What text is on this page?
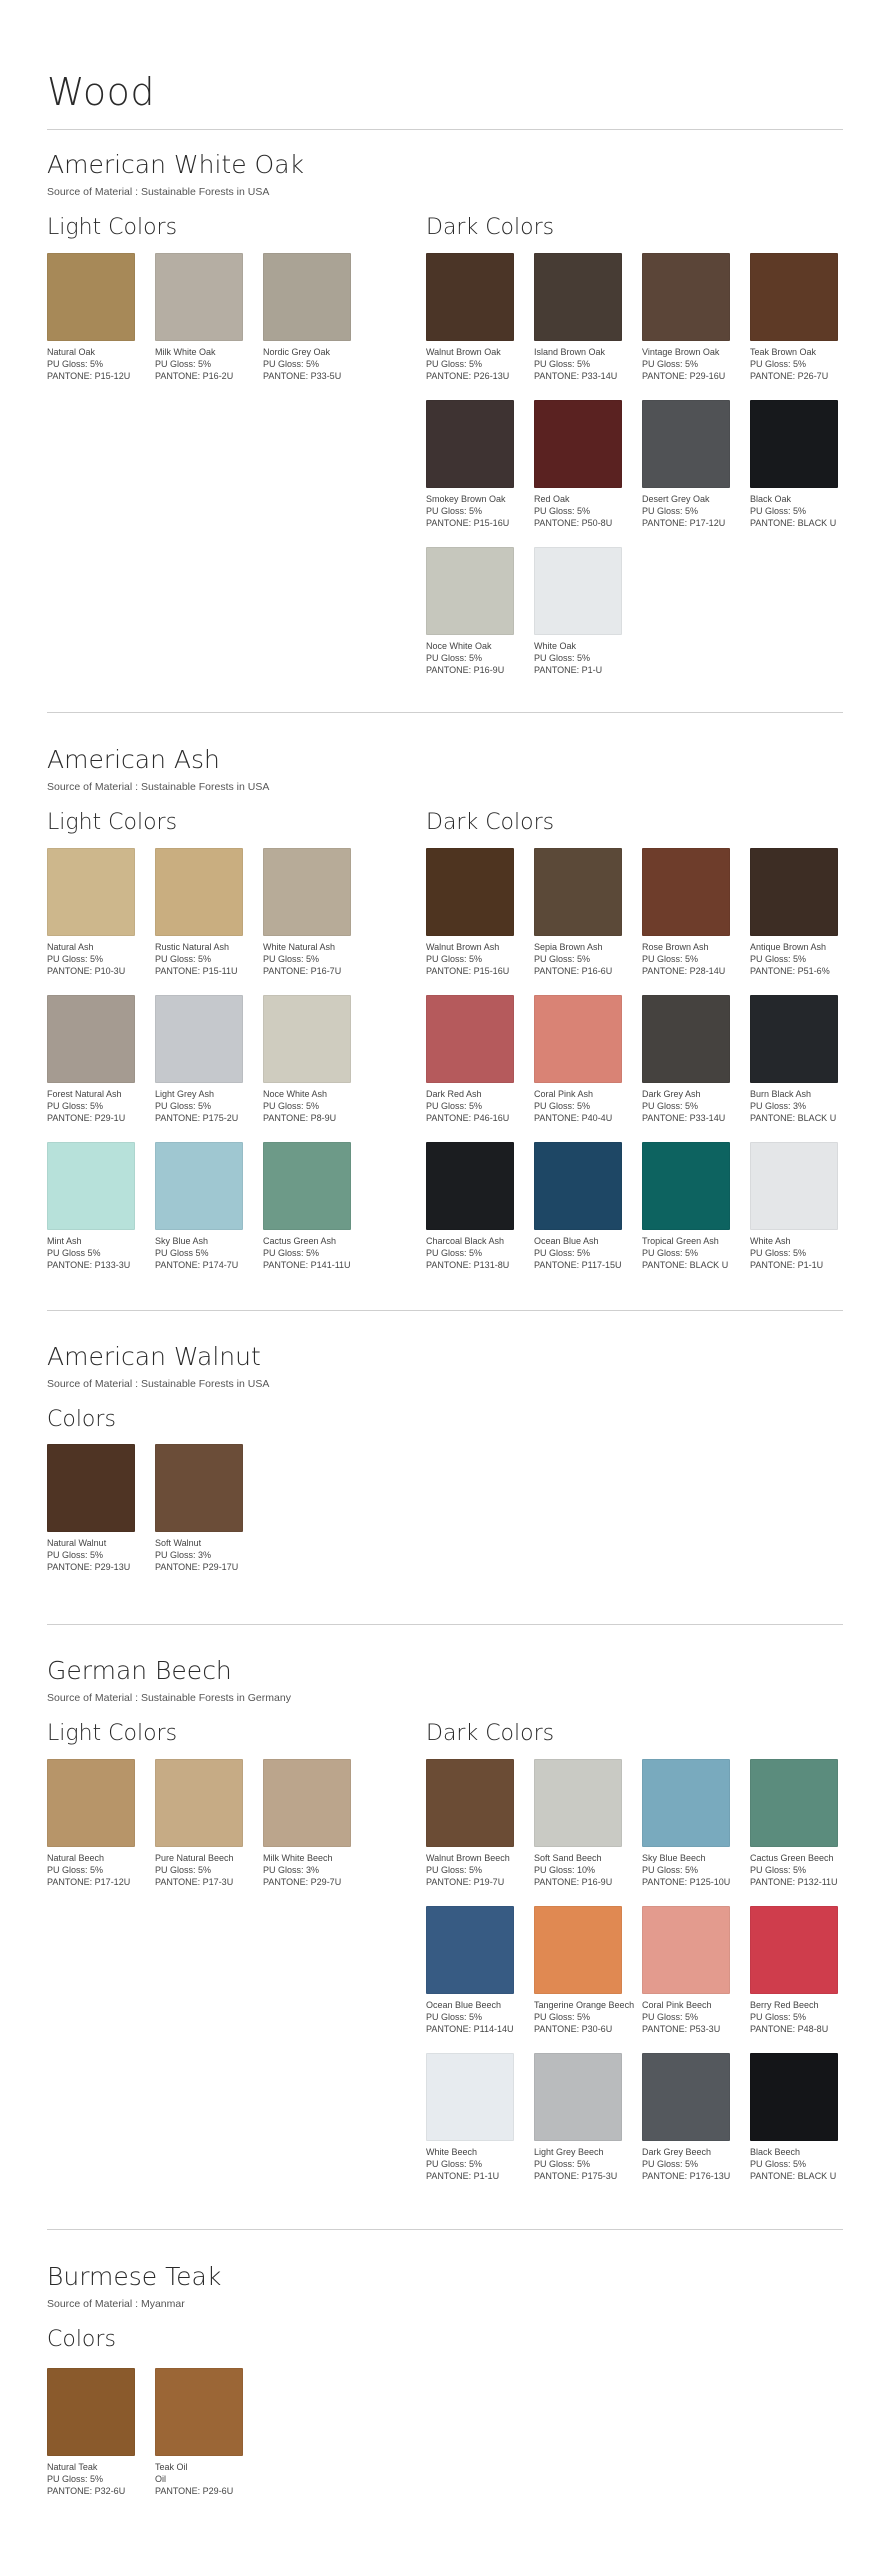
Wood
American White Oak
Source of Material : Sustainable Forests in USA
Light Colors
Natural Oak
PU Gloss: 5%
PANTONE: P15-12U
Milk White Oak
PU Gloss: 5%
PANTONE: P16-2U
Nordic Grey Oak
PU Gloss: 5%
PANTONE: P33-5U
Dark Colors
Walnut Brown Oak
PU Gloss: 5%
PANTONE: P26-13U
Island Brown Oak
PU Gloss: 5%
PANTONE: P33-14U
Vintage Brown Oak
PU Gloss: 5%
PANTONE: P29-16U
Teak Brown Oak
PU Gloss: 5%
PANTONE: P26-7U
Smokey Brown Oak
PU Gloss: 5%
PANTONE: P15-16U
Red Oak
PU Gloss: 5%
PANTONE: P50-8U
Desert Grey Oak
PU Gloss: 5%
PANTONE: P17-12U
Black Oak
PU Gloss: 5%
PANTONE: BLACK U
Noce White Oak
PU Gloss: 5%
PANTONE: P16-9U
White Oak
PU Gloss: 5%
PANTONE: P1-U
American Ash
Source of Material : Sustainable Forests in USA
Light Colors
Natural Ash
PU Gloss: 5%
PANTONE: P10-3U
Rustic Natural Ash
PU Gloss: 5%
PANTONE: P15-11U
White Natural Ash
PU Gloss: 5%
PANTONE: P16-7U
Forest Natural Ash
PU Gloss: 5%
PANTONE: P29-1U
Light Grey Ash
PU Gloss: 5%
PANTONE: P175-2U
Noce White Ash
PU Gloss: 5%
PANTONE: P8-9U
Mint Ash
PU Gloss 5%
PANTONE: P133-3U
Sky Blue Ash
PU Gloss 5%
PANTONE: P174-7U
Cactus Green Ash
PU Gloss: 5%
PANTONE: P141-11U
Dark Colors
Walnut Brown Ash
PU Gloss: 5%
PANTONE: P15-16U
Sepia Brown Ash
PU Gloss: 5%
PANTONE: P16-6U
Rose Brown Ash
PU Gloss: 5%
PANTONE: P28-14U
Antique Brown Ash
PU Gloss: 5%
PANTONE: P51-6%
Dark Red Ash
PU Gloss: 5%
PANTONE: P46-16U
Coral Pink Ash
PU Gloss: 5%
PANTONE: P40-4U
Dark Grey Ash
PU Gloss: 5%
PANTONE: P33-14U
Burn Black Ash
PU Gloss: 3%
PANTONE: BLACK U
Charcoal Black Ash
PU Gloss: 5%
PANTONE: P131-8U
Ocean Blue Ash
PU Gloss: 5%
PANTONE: P117-15U
Tropical Green Ash
PU Gloss: 5%
PANTONE: BLACK U
White Ash
PU Gloss: 5%
PANTONE: P1-1U
American Walnut
Source of Material : Sustainable Forests in USA
Colors
Natural Walnut
PU Gloss: 5%
PANTONE: P29-13U
Soft Walnut
PU Gloss: 3%
PANTONE: P29-17U
German Beech
Source of Material : Sustainable Forests in Germany
Light Colors
Natural Beech
PU Gloss: 5%
PANTONE: P17-12U
Pure Natural Beech
PU Gloss: 5%
PANTONE: P17-3U
Milk White Beech
PU Gloss: 3%
PANTONE: P29-7U
Dark Colors
Walnut Brown Beech
PU Gloss: 5%
PANTONE: P19-7U
Soft Sand Beech
PU Gloss: 10%
PANTONE: P16-9U
Sky Blue Beech
PU Gloss: 5%
PANTONE: P125-10U
Cactus Green Beech
PU Gloss: 5%
PANTONE: P132-11U
Ocean Blue Beech
PU Gloss: 5%
PANTONE: P114-14U
Tangerine Orange Beech
PU Gloss: 5%
PANTONE: P30-6U
Coral Pink Beech
PU Gloss: 5%
PANTONE: P53-3U
Berry Red Beech
PU Gloss: 5%
PANTONE: P48-8U
White Beech
PU Gloss: 5%
PANTONE: P1-1U
Light Grey Beech
PU Gloss: 5%
PANTONE: P175-3U
Dark Grey Beech
PU Gloss: 5%
PANTONE: P176-13U
Black Beech
PU Gloss: 5%
PANTONE: BLACK U
Burmese Teak
Source of Material : Myanmar
Colors
Natural Teak
PU Gloss: 5%
PANTONE: P32-6U
Teak Oil
Oil
PANTONE: P29-6U
